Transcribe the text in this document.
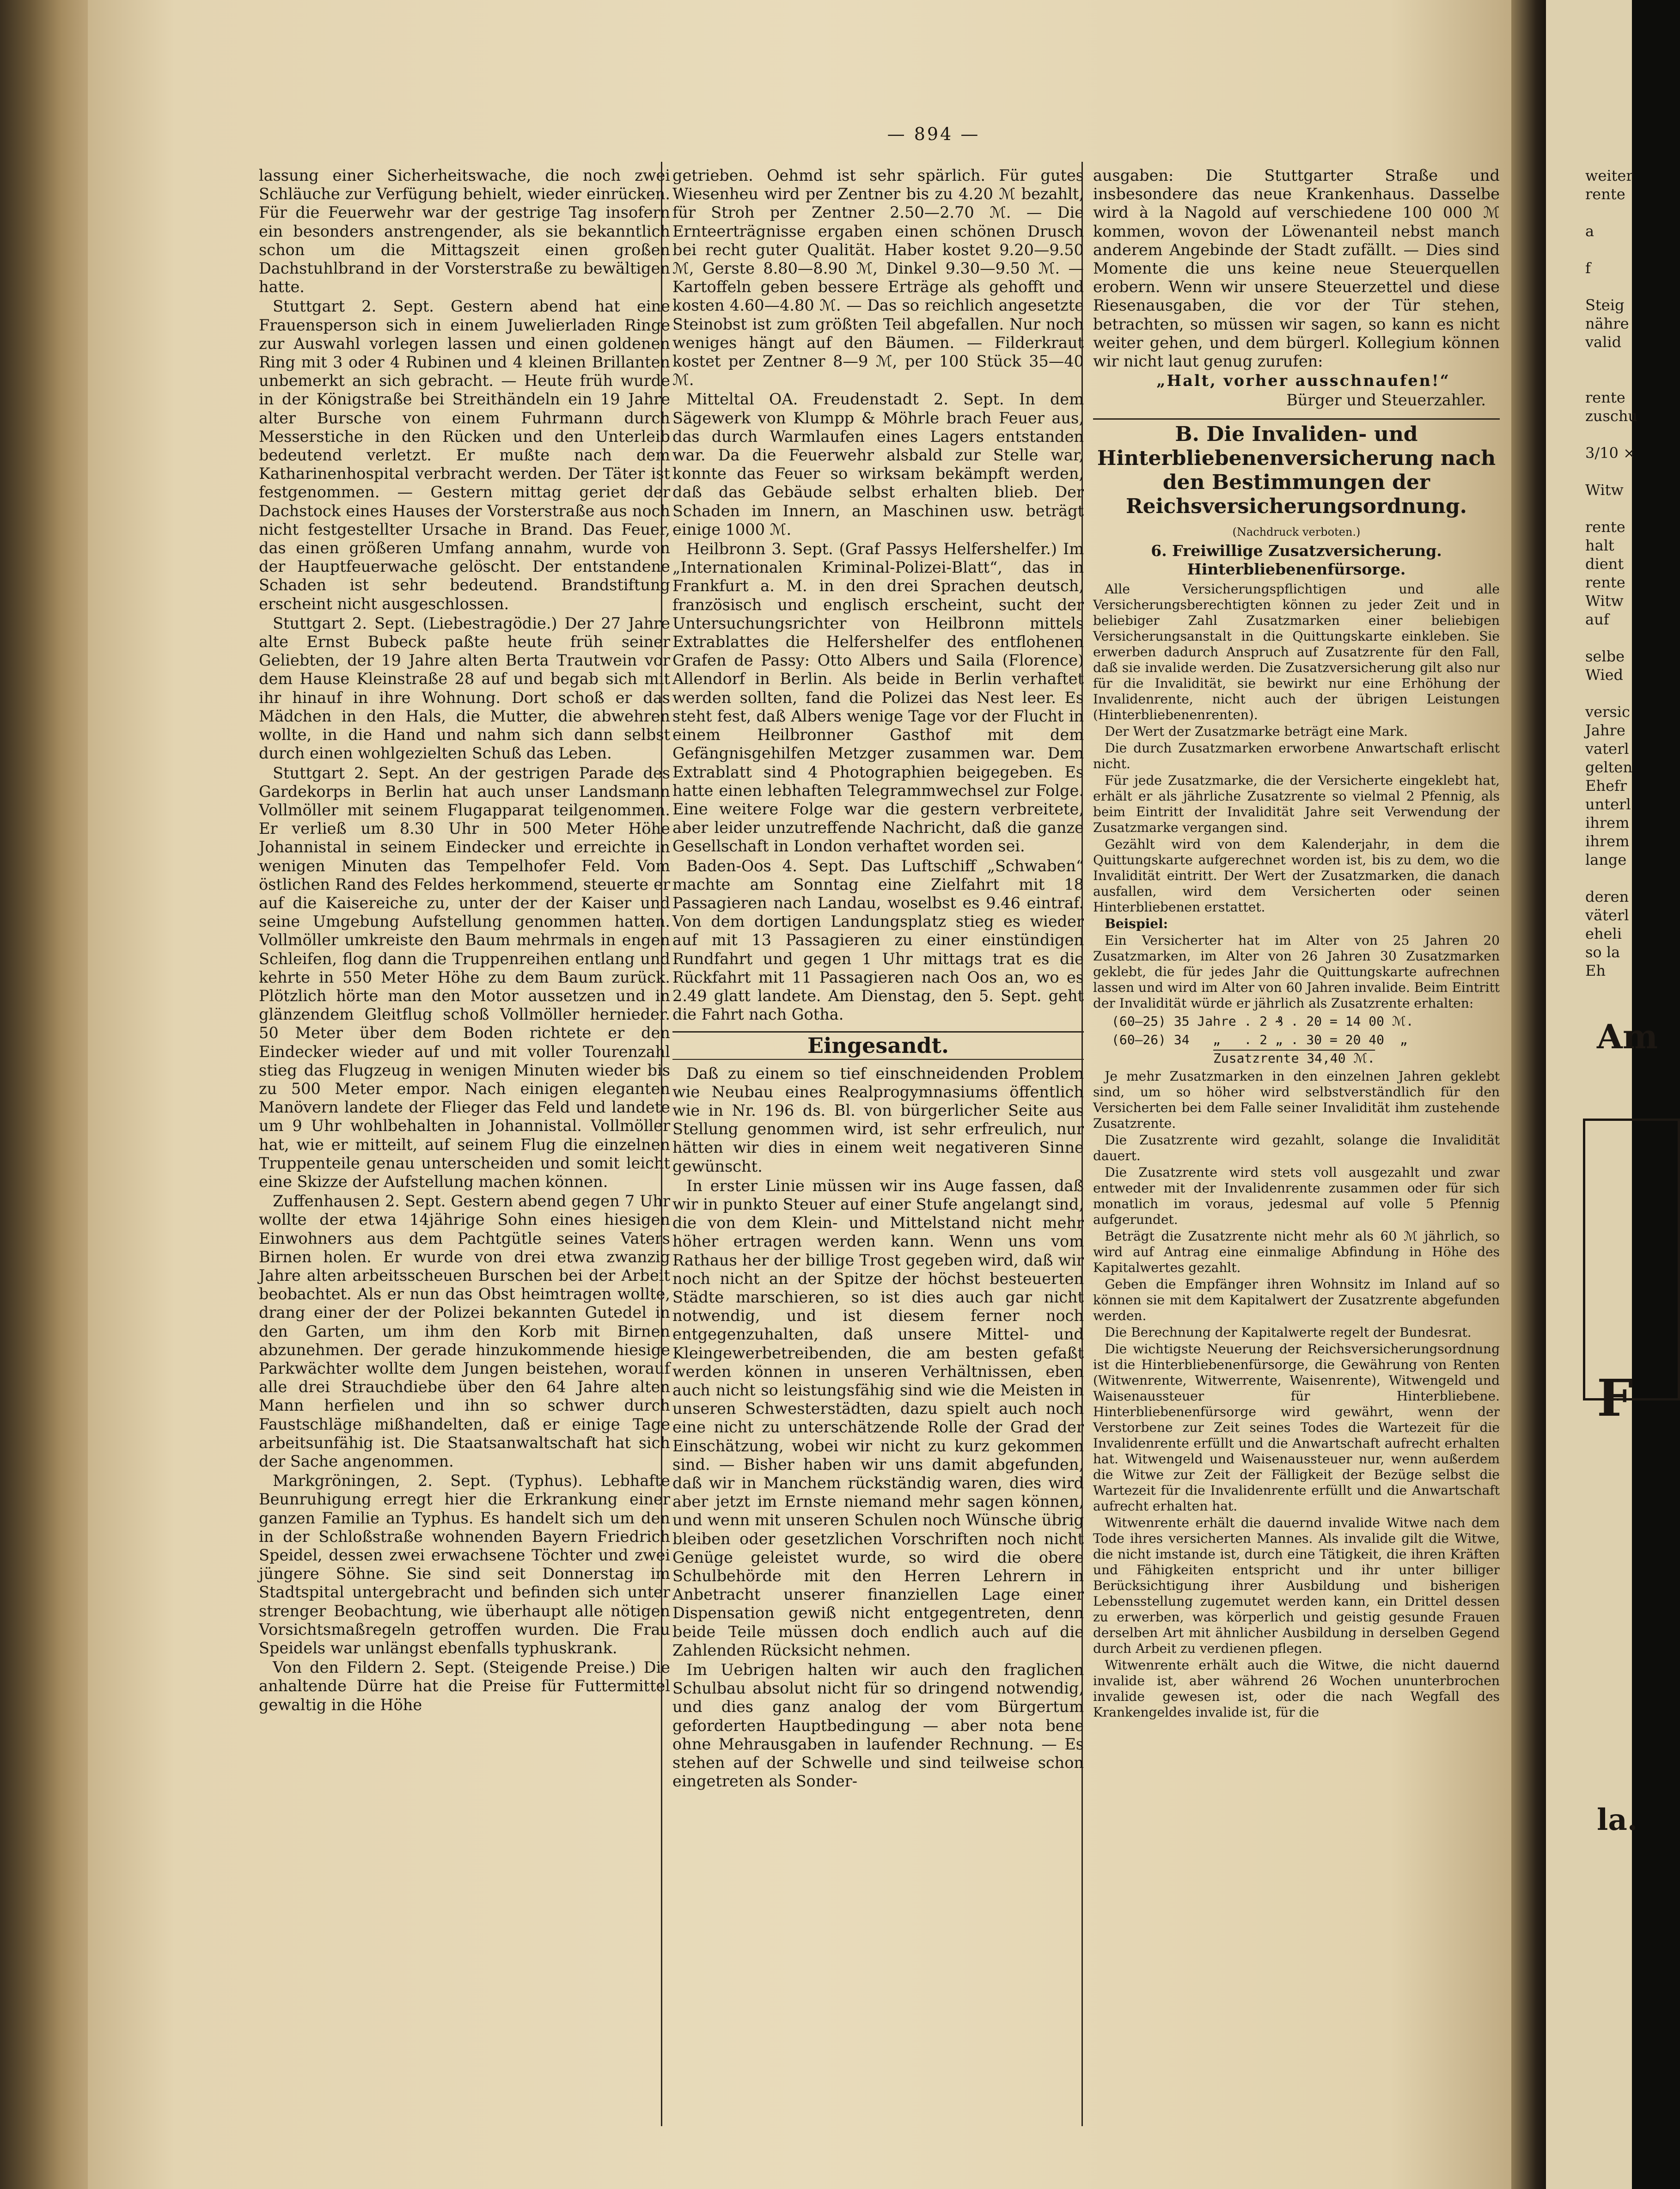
— 894 —

lassung einer Sicherheitswache, die noch zwei Schläuche zur Verfügung behielt, wieder einrücken. Für die Feuerwehr war der gestrige Tag insofern ein besonders anstrengender, als sie bekanntlich schon um die Mittagszeit einen großen Dachstuhlbrand in der Vorsterstraße zu bewältigen hatte.

Stuttgart 2. Sept. Gestern abend hat eine Frauensperson sich in einem Juwelierladen Ringe zur Auswahl vorlegen lassen und einen goldenen Ring mit 3 oder 4 Rubinen und 4 kleinen Brillanten unbemerkt an sich gebracht. — Heute früh wurde in der Königstraße bei Streithändeln ein 19 Jahre alter Bursche von einem Fuhrmann durch Messerstiche in den Rücken und den Unterleib bedeutend verletzt. Er mußte nach dem Katharinenhospital verbracht werden. Der Täter ist festgenommen. — Gestern mittag geriet der Dachstock eines Hauses der Vorsterstraße aus noch nicht festgestellter Ursache in Brand. Das Feuer, das einen größeren Umfang annahm, wurde von der Hauptfeuerwache gelöscht. Der entstandene Schaden ist sehr bedeutend. Brandstiftung erscheint nicht ausgeschlossen.

Stuttgart 2. Sept. (Liebestragödie.) Der 27 Jahre alte Ernst Bubeck paßte heute früh seiner Geliebten, der 19 Jahre alten Berta Trautwein vor dem Hause Kleinstraße 28 auf und begab sich mit ihr hinauf in ihre Wohnung. Dort schoß er das Mädchen in den Hals, die Mutter, die abwehren wollte, in die Hand und nahm sich dann selbst durch einen wohlgezielten Schuß das Leben.

Stuttgart 2. Sept. An der gestrigen Parade des Gardekorps in Berlin hat auch unser Landsmann Vollmöller mit seinem Flugapparat teilgenommen. Er verließ um 8.30 Uhr in 500 Meter Höhe Johannistal in seinem Eindecker und erreichte in wenigen Minuten das Tempelhofer Feld. Vom östlichen Rand des Feldes herkommend, steuerte er auf die Kaisereiche zu, unter der der Kaiser und seine Umgebung Aufstellung genommen hatten. Vollmöller umkreiste den Baum mehrmals in engen Schleifen, flog dann die Truppenreihen entlang und kehrte in 550 Meter Höhe zu dem Baum zurück. Plötzlich hörte man den Motor aussetzen und in glänzendem Gleitflug schoß Vollmöller hernieder. 50 Meter über dem Boden richtete er den Eindecker wieder auf und mit voller Tourenzahl stieg das Flugzeug in wenigen Minuten wieder bis zu 500 Meter empor. Nach einigen eleganten Manövern landete der Flieger das Feld und landete um 9 Uhr wohlbehalten in Johannistal. Vollmöller hat, wie er mitteilt, auf seinem Flug die einzelnen Truppenteile genau unterscheiden und somit leicht eine Skizze der Aufstellung machen können.

Zuffenhausen 2. Sept. Gestern abend gegen 7 Uhr wollte der etwa 14jährige Sohn eines hiesigen Einwohners aus dem Pachtgütle seines Vaters Birnen holen. Er wurde von drei etwa zwanzig Jahre alten arbeitsscheuen Burschen bei der Arbeit beobachtet. Als er nun das Obst heimtragen wollte, drang einer der der Polizei bekannten Gutedel in den Garten, um ihm den Korb mit Birnen abzunehmen. Der gerade hinzukommende hiesige Parkwächter wollte dem Jungen beistehen, worauf alle drei Strauchdiebe über den 64 Jahre alten Mann herfielen und ihn so schwer durch Faustschläge mißhandelten, daß er einige Tage arbeitsunfähig ist. Die Staatsanwaltschaft hat sich der Sache angenommen.

Markgröningen, 2. Sept. (Typhus). Lebhafte Beunruhigung erregt hier die Erkrankung einer ganzen Familie an Typhus. Es handelt sich um den in der Schloßstraße wohnenden Bayern Friedrich Speidel, dessen zwei erwachsene Töchter und zwei jüngere Söhne. Sie sind seit Donnerstag im Stadtspital untergebracht und befinden sich unter strenger Beobachtung, wie überhaupt alle nötigen Vorsichtsmaßregeln getroffen wurden. Die Frau Speidels war unlängst ebenfalls typhuskrank.

Von den Fildern 2. Sept. (Steigende Preise.) Die anhaltende Dürre hat die Preise für Futtermittel gewaltig in die Höhe

getrieben. Oehmd ist sehr spärlich. Für gutes Wiesenheu wird per Zentner bis zu 4.20 ℳ bezahlt, für Stroh per Zentner 2.50—2.70 ℳ. — Die Ernteerträgnisse ergaben einen schönen Drusch bei recht guter Qualität. Haber kostet 9.20—9.50 ℳ, Gerste 8.80—8.90 ℳ, Dinkel 9.30—9.50 ℳ. — Kartoffeln geben bessere Erträge als gehofft und kosten 4.60—4.80 ℳ. — Das so reichlich angesetzte Steinobst ist zum größten Teil abgefallen. Nur noch weniges hängt auf den Bäumen. — Filderkraut kostet per Zentner 8—9 ℳ, per 100 Stück 35—40 ℳ.

Mitteltal OA. Freudenstadt 2. Sept. In dem Sägewerk von Klumpp & Möhrle brach Feuer aus, das durch Warmlaufen eines Lagers entstanden war. Da die Feuerwehr alsbald zur Stelle war, konnte das Feuer so wirksam bekämpft werden, daß das Gebäude selbst erhalten blieb. Der Schaden im Innern, an Maschinen usw. beträgt einige 1000 ℳ.

Heilbronn 3. Sept. (Graf Passys Helfershelfer.) Im „Internationalen Kriminal-Polizei-Blatt“, das in Frankfurt a. M. in den drei Sprachen deutsch, französisch und englisch erscheint, sucht der Untersuchungsrichter von Heilbronn mittels Extrablattes die Helfershelfer des entflohenen Grafen de Passy: Otto Albers und Saila (Florence) Allendorf in Berlin. Als beide in Berlin verhaftet werden sollten, fand die Polizei das Nest leer. Es steht fest, daß Albers wenige Tage vor der Flucht in einem Heilbronner Gasthof mit dem Gefängnisgehilfen Metzger zusammen war. Dem Extrablatt sind 4 Photographien beigegeben. Es hatte einen lebhaften Telegrammwechsel zur Folge. Eine weitere Folge war die gestern verbreitete, aber leider unzutreffende Nachricht, daß die ganze Gesellschaft in London verhaftet worden sei.

Baden-Oos 4. Sept. Das Luftschiff „Schwaben“ machte am Sonntag eine Zielfahrt mit 18 Passagieren nach Landau, woselbst es 9.46 eintraf. Von dem dortigen Landungsplatz stieg es wieder auf mit 13 Passagieren zu einer einstündigen Rundfahrt und gegen 1 Uhr mittags trat es die Rückfahrt mit 11 Passagieren nach Oos an, wo es 2.49 glatt landete. Am Dienstag, den 5. Sept. geht die Fahrt nach Gotha.

Eingesandt.

Daß zu einem so tief einschneidenden Problem wie Neubau eines Realprogymnasiums öffentlich wie in Nr. 196 ds. Bl. von bürgerlicher Seite aus Stellung genommen wird, ist sehr erfreulich, nur hätten wir dies in einem weit negativeren Sinne gewünscht.

In erster Linie müssen wir ins Auge fassen, daß wir in punkto Steuer auf einer Stufe angelangt sind, die von dem Klein- und Mittelstand nicht mehr höher ertragen werden kann. Wenn uns vom Rathaus her der billige Trost gegeben wird, daß wir noch nicht an der Spitze der höchst besteuerten Städte marschieren, so ist dies auch gar nicht notwendig, und ist diesem ferner noch entgegenzuhalten, daß unsere Mittel- und Kleingewerbetreibenden, die am besten gefaßt werden können in unseren Verhältnissen, eben auch nicht so leistungsfähig sind wie die Meisten in unseren Schwesterstädten, dazu spielt auch noch eine nicht zu unterschätzende Rolle der Grad der Einschätzung, wobei wir nicht zu kurz gekommen sind. — Bisher haben wir uns damit abgefunden, daß wir in Manchem rückständig waren, dies wird aber jetzt im Ernste niemand mehr sagen können, und wenn mit unseren Schulen noch Wünsche übrig bleiben oder gesetzlichen Vorschriften noch nicht Genüge geleistet wurde, so wird die obere Schulbehörde mit den Herren Lehrern in Anbetracht unserer finanziellen Lage einer Dispensation gewiß nicht entgegentreten, denn beide Teile müssen doch endlich auch auf die Zahlenden Rücksicht nehmen.

Im Uebrigen halten wir auch den fraglichen Schulbau absolut nicht für so dringend notwendig, und dies ganz analog der vom Bürgertum geforderten Hauptbedingung — aber nota bene ohne Mehrausgaben in laufender Rechnung. — Es stehen auf der Schwelle und sind teilweise schon eingetreten als Sonder-

ausgaben: Die Stuttgarter Straße und insbesondere das neue Krankenhaus. Dasselbe wird à la Nagold auf verschiedene 100 000 ℳ kommen, wovon der Löwenanteil nebst manch anderem Angebinde der Stadt zufällt. — Dies sind Momente die uns keine neue Steuerquellen erobern. Wenn wir unsere Steuerzettel und diese Riesenausgaben, die vor der Tür stehen, betrachten, so müssen wir sagen, so kann es nicht weiter gehen, und dem bürgerl. Kollegium können wir nicht laut genug zurufen:

„Halt, vorher ausschnaufen!“

Bürger und Steuerzahler.

B. Die Invaliden- und Hinterbliebenenversicherung nach den Bestimmungen der Reichsversicherungsordnung.
(Nachdruck verboten.)
6. Freiwillige Zusatzversicherung. Hinterbliebenenfürsorge.

Alle Versicherungspflichtigen und alle Versicherungsberechtigten können zu jeder Zeit und in beliebiger Zahl Zusatzmarken einer beliebigen Versicherungsanstalt in die Quittungskarte einkleben. Sie erwerben dadurch Anspruch auf Zusatzrente für den Fall, daß sie invalide werden. Die Zusatzversicherung gilt also nur für die Invalidität, sie bewirkt nur eine Erhöhung der Invalidenrente, nicht auch der übrigen Leistungen (Hinterbliebenenrenten).

Der Wert der Zusatzmarke beträgt eine Mark.

Die durch Zusatzmarken erworbene Anwartschaft erlischt nicht.

Für jede Zusatzmarke, die der Versicherte eingeklebt hat, erhält er als jährliche Zusatzrente so vielmal 2 Pfennig, als beim Eintritt der Invalidität Jahre seit Verwendung der Zusatzmarke vergangen sind.

Gezählt wird von dem Kalenderjahr, in dem die Quittungskarte aufgerechnet worden ist, bis zu dem, wo die Invalidität eintritt. Der Wert der Zusatzmarken, die danach ausfallen, wird dem Versicherten oder seinen Hinterbliebenen erstattet.

Beispiel:

Ein Versicherter hat im Alter von 25 Jahren 20 Zusatzmarken, im Alter von 26 Jahren 30 Zusatzmarken geklebt, die für jedes Jahr die Quittungskarte aufrechnen lassen und wird im Alter von 60 Jahren invalide. Beim Eintritt der Invalidität würde er jährlich als Zusatzrente erhalten:

(60—25) 35 Jahre . 2 ₰ . 20 = 14 00 ℳ.
(60—26) 34   „   . 2 „ . 30 = 20 40  „
Zusatzrente 34,40 ℳ.

Je mehr Zusatzmarken in den einzelnen Jahren geklebt sind, um so höher wird selbstverständlich für den Versicherten bei dem Falle seiner Invalidität ihm zustehende Zusatzrente.

Die Zusatzrente wird gezahlt, solange die Invalidität dauert.

Die Zusatzrente wird stets voll ausgezahlt und zwar entweder mit der Invalidenrente zusammen oder für sich monatlich im voraus, jedesmal auf volle 5 Pfennig aufgerundet.

Beträgt die Zusatzrente nicht mehr als 60 ℳ jährlich, so wird auf Antrag eine einmalige Abfindung in Höhe des Kapitalwertes gezahlt.

Geben die Empfänger ihren Wohnsitz im Inland auf so können sie mit dem Kapitalwert der Zusatzrente abgefunden werden.

Die Berechnung der Kapitalwerte regelt der Bundesrat.

Die wichtigste Neuerung der Reichsversicherungsordnung ist die Hinterbliebenenfürsorge, die Gewährung von Renten (Witwenrente, Witwerrente, Waisenrente), Witwengeld und Waisenaussteuer für Hinterbliebene. Hinterbliebenenfürsorge wird gewährt, wenn der Verstorbene zur Zeit seines Todes die Wartezeit für die Invalidenrente erfüllt und die Anwartschaft aufrecht erhalten hat. Witwengeld und Waisenaussteuer nur, wenn außerdem die Witwe zur Zeit der Fälligkeit der Bezüge selbst die Wartezeit für die Invalidenrente erfüllt und die Anwartschaft aufrecht erhalten hat.

Witwenrente erhält die dauernd invalide Witwe nach dem Tode ihres versicherten Mannes. Als invalide gilt die Witwe, die nicht imstande ist, durch eine Tätigkeit, die ihren Kräften und Fähigkeiten entspricht und ihr unter billiger Berücksichtigung ihrer Ausbildung und bisherigen Lebensstellung zugemutet werden kann, ein Drittel dessen zu erwerben, was körperlich und geistig gesunde Frauen derselben Art mit ähnlicher Ausbildung in derselben Gegend durch Arbeit zu verdienen pflegen.

Witwenrente erhält auch die Witwe, die nicht dauernd invalide ist, aber während 26 Wochen ununterbrochen invalide gewesen ist, oder die nach Wegfall des Krankengeldes invalide ist, für die

weiter
rente

a

f

Steig
nähre
valid

rente
zuschu

3/10 ×

Witw

rente
halt
dient
rente
Witw
auf

selbe
Wied

versic
Jahre
vaterl
gelten
Ehefr
unterl
ihrem
ihrem
lange

deren
väterl
eheli
so la
Eh
Am
F
la.
